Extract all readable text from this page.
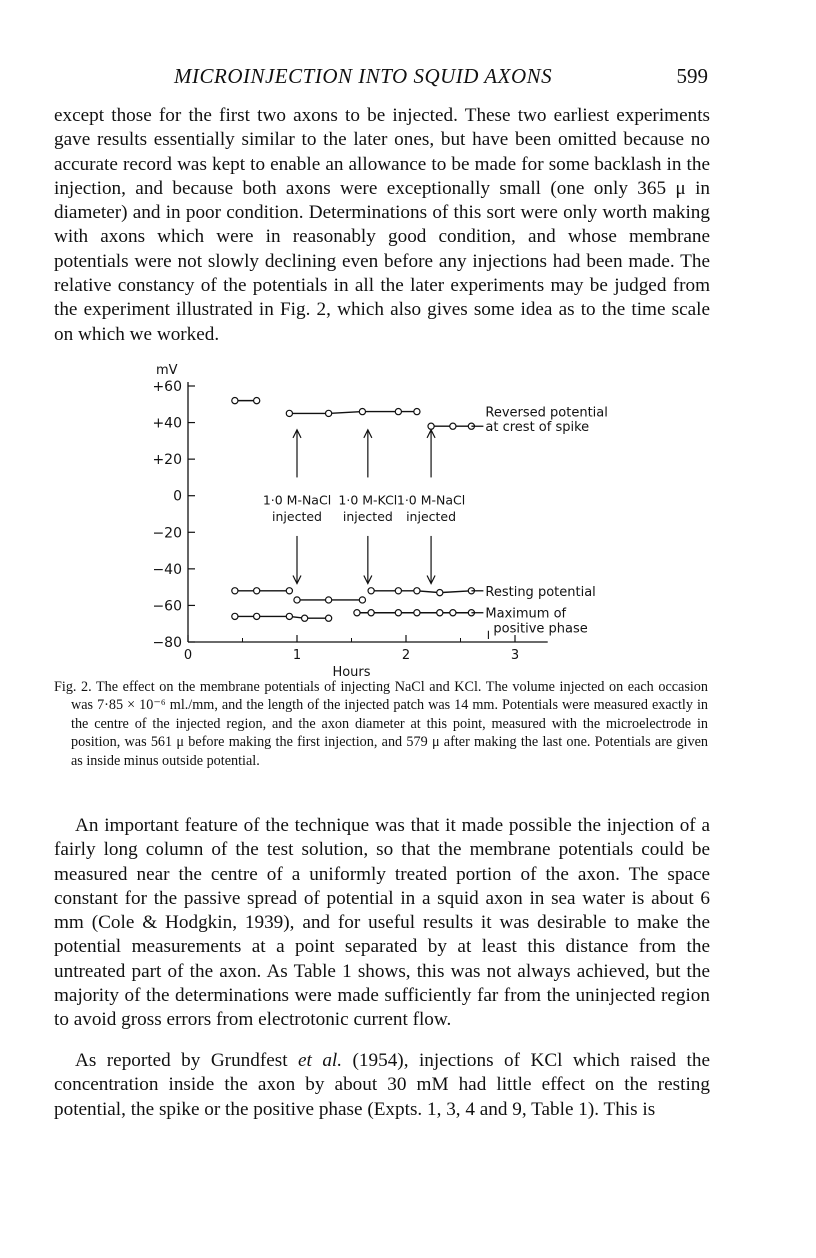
MICROINJECTION INTO SQUID AXONS	599

except those for the first two axons to be injected. These two earliest experiments gave results essentially similar to the later ones, but have been omitted because no accurate record was kept to enable an allowance to be made for some backlash in the injection, and because both axons were exceptionally small (one only 365 μ in diameter) and in poor condition. Determinations of this sort were only worth making with axons which were in reasonably good condition, and whose membrane potentials were not slowly declining even before any injections had been made. The relative constancy of the potentials in all the later experiments may be judged from the experiment illustrated in Fig. 2, which also gives some idea as to the time scale on which we worked.

mV
+60
+40
+20
0
−20
−40
−60
−80
0	1	2	3
Hours
Reversed potential
at crest of spike
Resting potential
Maximum of
positive phase
1·0 M-NaCl
injected
1·0 M-KCl
injected
1·0 M-NaCl
injected
Fig. 2. The effect on the membrane potentials of injecting NaCl and KCl. The volume injected on each occasion was 7·85 × 10⁻⁶ ml./mm, and the length of the injected patch was 14 mm. Potentials were measured exactly in the centre of the injected region, and the axon diameter at this point, measured with the microelectrode in position, was 561 μ before making the first injection, and 579 μ after making the last one. Potentials are given as inside minus outside potential.

An important feature of the technique was that it made possible the injection of a fairly long column of the test solution, so that the membrane potentials could be measured near the centre of a uniformly treated portion of the axon. The space constant for the passive spread of potential in a squid axon in sea water is about 6 mm (Cole & Hodgkin, 1939), and for useful results it was desirable to make the potential measurements at a point separated by at least this distance from the untreated part of the axon. As Table 1 shows, this was not always achieved, but the majority of the determinations were made sufficiently far from the uninjected region to avoid gross errors from electrotonic current flow.

As reported by Grundfest et al. (1954), injections of KCl which raised the concentration inside the axon by about 30 mM had little effect on the resting potential, the spike or the positive phase (Expts. 1, 3, 4 and 9, Table 1). This is
